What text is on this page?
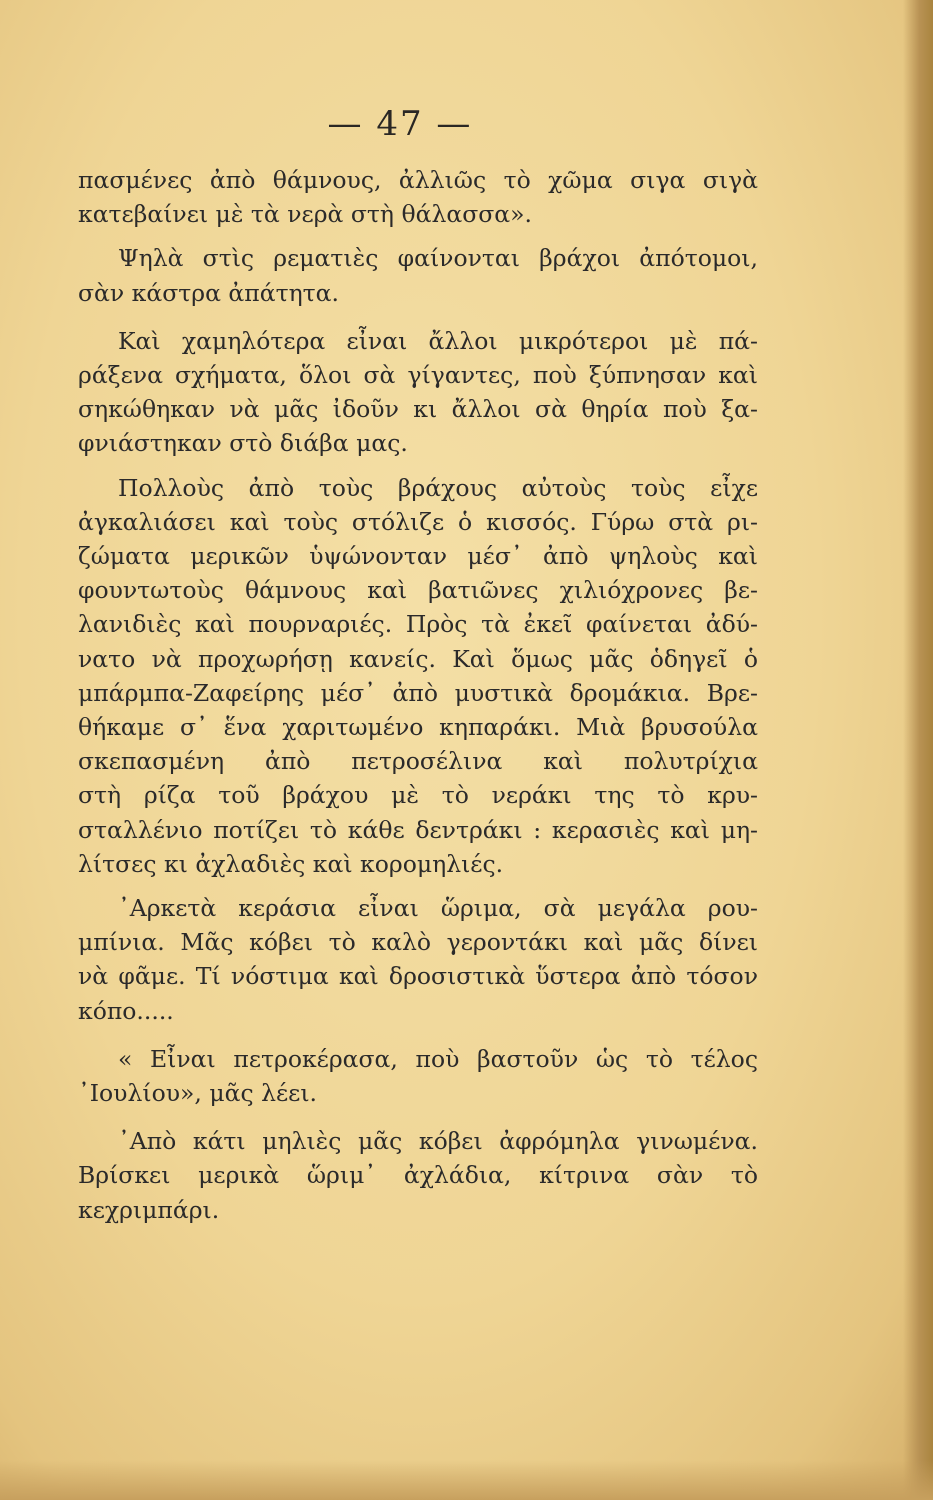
— 47 —

πασμένες ἀπὸ θάμνους, ἀλλιῶς τὸ χῶμα σιγα σιγὰ
κατεβαίνει μὲ τὰ νερὰ στὴ θάλασσα».

Ψηλὰ στὶς ρεματιὲς φαίνονται βράχοι ἀπότομοι,
σὰν κάστρα ἀπάτητα.

Καὶ χαμηλότερα εἶναι ἄλλοι μικρότεροι μὲ πά-
ράξενα σχήματα, ὅλοι σὰ γίγαντες, ποὺ ξύπνησαν καὶ
σηκώθηκαν νὰ μᾶς ἰδοῦν κι ἄλλοι σὰ θηρία ποὺ ξα-
φνιάστηκαν στὸ διάβα μας.

Πολλοὺς ἀπὸ τοὺς βράχους αὐτοὺς τοὺς εἶχε
ἀγκαλιάσει καὶ τοὺς στόλιζε ὁ κισσός. Γύρω στὰ ρι-
ζώματα μερικῶν ὑψώνονταν μέσ᾽ ἀπὸ ψηλοὺς καὶ
φουντωτοὺς θάμνους καὶ βατιῶνες χιλιόχρονες βε-
λανιδιὲς καὶ πουρναριές. Πρὸς τὰ ἐκεῖ φαίνεται ἀδύ-
νατο νὰ προχωρήσῃ κανείς. Καὶ ὅμως μᾶς ὁδηγεῖ ὁ
μπάρμπα-Ζαφείρης μέσ᾽ ἀπὸ μυστικὰ δρομάκια. Βρε-
θήκαμε σ᾽ ἕνα χαριτωμένο κηπαράκι. Μιὰ βρυσούλα
σκεπασμένη ἀπὸ πετροσέλινα καὶ πολυτρίχια
στὴ ρίζα τοῦ βράχου μὲ τὸ νεράκι της τὸ κρυ-
σταλλένιο ποτίζει τὸ κάθε δεντράκι : κερασιὲς καὶ μη-
λίτσες κι ἀχλαδιὲς καὶ κορομηλιές.

᾽Αρκετὰ κεράσια εἶναι ὥριμα, σὰ μεγάλα ρου-
μπίνια. Μᾶς κόβει τὸ καλὸ γεροντάκι καὶ μᾶς δίνει
νὰ φᾶμε. Τί νόστιμα καὶ δροσιστικὰ ὕστερα ἀπὸ τόσον
κόπο.....

« Εἶναι πετροκέρασα, ποὺ βαστοῦν ὡς τὸ τέλος
᾽Ιουλίου», μᾶς λέει.

᾽Απὸ κάτι μηλιὲς μᾶς κόβει ἀφρόμηλα γινωμένα.
Βρίσκει μερικὰ ὥριμ᾽ ἀχλάδια, κίτρινα σὰν τὸ
κεχριμπάρι.
